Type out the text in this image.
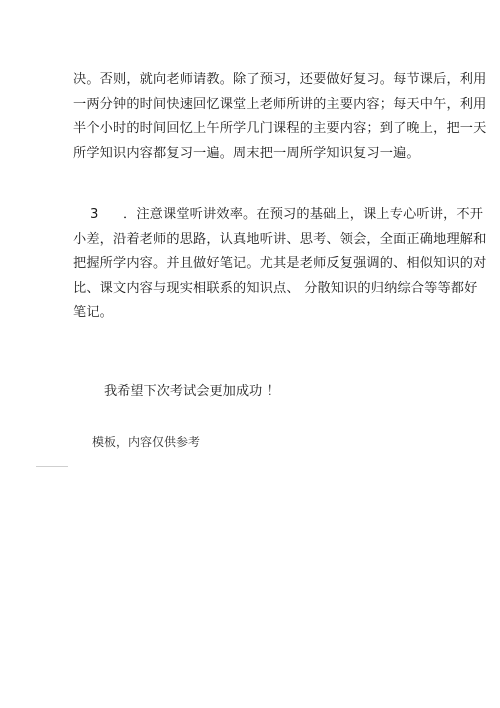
决。否则，就向老师请教。除了预习，还要做好复习。每节课后，利用
一两分钟的时间快速回忆课堂上老师所讲的主要内容；每天中午，利用
半个小时的时间回忆上午所学几门课程的主要内容；到了晚上，把一天
所学知识内容都复习一遍。周末把一周所学知识复习一遍。
3 ．注意课堂听讲效率。在预习的基础上，课上专心听讲，不开
小差，沿着老师的思路，认真地听讲、思考、领会，全面正确地理解和
把握所学内容。并且做好笔记。尤其是老师反复强调的、相似知识的对
比、课文内容与现实相联系的知识点、 分散知识的归纳综合等等都好
笔记。

我希望下次考试会更加成功 ！

模板，内容仅供参考
